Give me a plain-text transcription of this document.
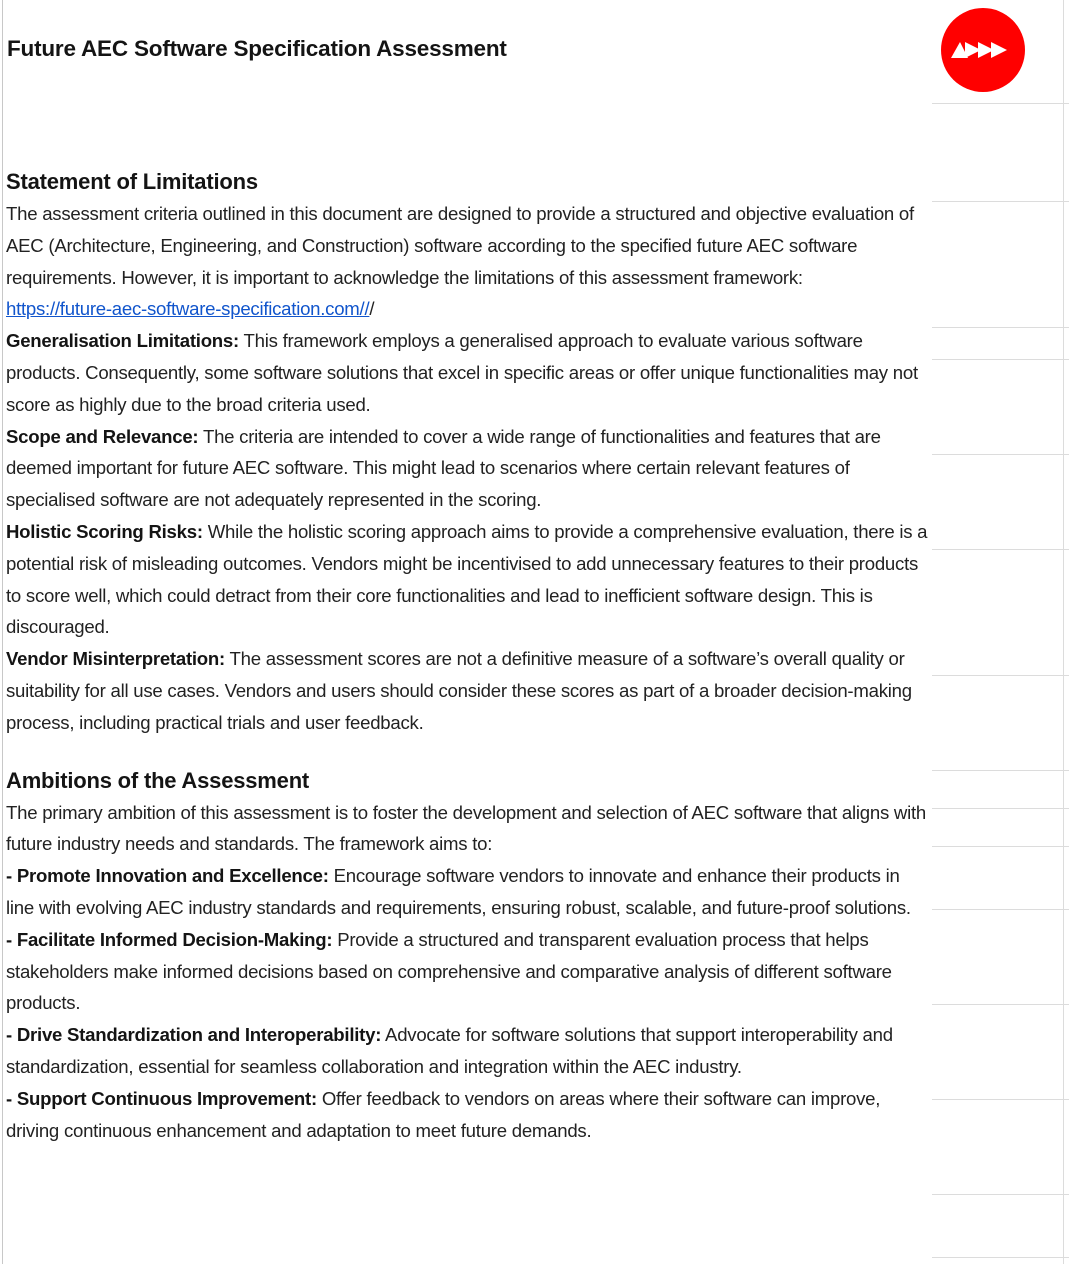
Future AEC Software Specification Assessment
Statement of Limitations

The assessment criteria outlined in this document are designed to provide a structured and objective evaluation of AEC (Architecture, Engineering, and Construction) software according to the specified future AEC software requirements. However, it is important to acknowledge the limitations of this assessment framework:

https://future-aec-software-specification.com///

Generalisation Limitations: This framework employs a generalised approach to evaluate various software products. Consequently, some software solutions that excel in specific areas or offer unique functionalities may not score as highly due to the broad criteria used.

Scope and Relevance: The criteria are intended to cover a wide range of functionalities and features that are deemed important for future AEC software. This might lead to scenarios where certain relevant features of specialised software are not adequately represented in the scoring.

Holistic Scoring Risks: While the holistic scoring approach aims to provide a comprehensive evaluation, there is a potential risk of misleading outcomes. Vendors might be incentivised to add unnecessary features to their products to score well, which could detract from their core functionalities and lead to inefficient software design. This is discouraged.

Vendor Misinterpretation: The assessment scores are not a definitive measure of a software’s overall quality or suitability for all use cases. Vendors and users should consider these scores as part of a broader decision-making process, including practical trials and user feedback.

Ambitions of the Assessment

The primary ambition of this assessment is to foster the development and selection of AEC software that aligns with future industry needs and standards. The framework aims to:

- Promote Innovation and Excellence: Encourage software vendors to innovate and enhance their products in line with evolving AEC industry standards and requirements, ensuring robust, scalable, and future-proof solutions.

- Facilitate Informed Decision-Making: Provide a structured and transparent evaluation process that helps stakeholders make informed decisions based on comprehensive and comparative analysis of different software products.

- Drive Standardization and Interoperability: Advocate for software solutions that support interoperability and standardization, essential for seamless collaboration and integration within the AEC industry.

- Support Continuous Improvement: Offer feedback to vendors on areas where their software can improve, driving continuous enhancement and adaptation to meet future demands.
